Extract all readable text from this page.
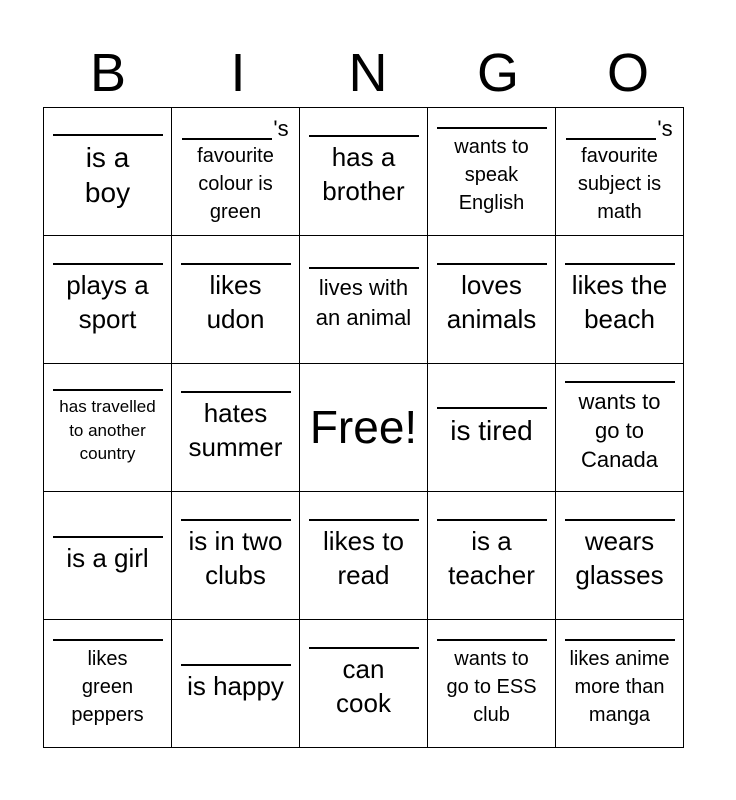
B	I	N	G	O
is a
boy	's
favourite
colour is
green	has a
brother	wants to
speak
English	's
favourite
subject is
math

plays a
sport	likes
udon	lives with
an animal	loves
animals	likes the
beach

has travelled
to another
country	hates
summer	Free!	is tired	wants to
go to
Canada

is a girl	is in two
clubs	likes to
read	is a
teacher	wears
glasses

likes
green
peppers	is happy	can
cook	wants to
go to ESS
club	likes anime
more than
manga
